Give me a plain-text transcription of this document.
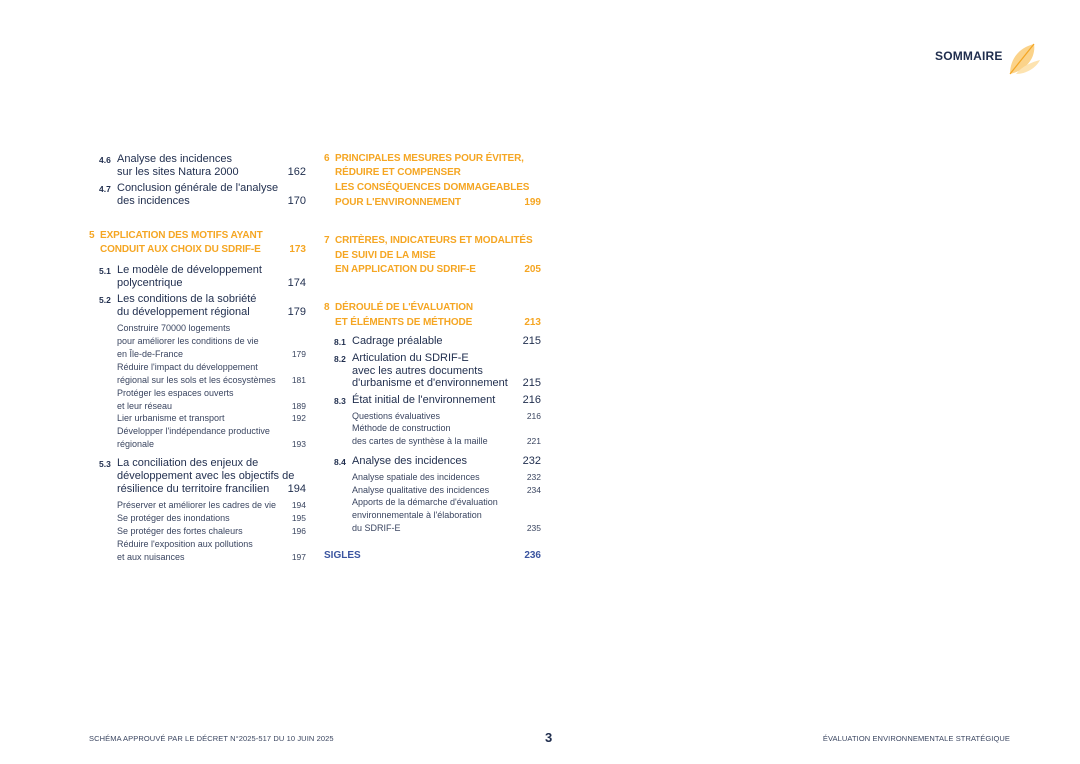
SOMMAIRE
4.6 Analyse des incidences
sur les sites Natura 2000	162
4.7 Conclusion générale de l'analyse
des incidences	170
5 EXPLICATION DES MOTIFS AYANT
CONDUIT AUX CHOIX DU SDRIF-E	173
5.1 Le modèle de développement
polycentrique	174
5.2 Les conditions de la sobriété
du développement régional	179
Construire 70000 logements
pour améliorer les conditions de vie
en Île-de-France	179
Réduire l'impact du développement
régional sur les sols et les écosystèmes 181
Protéger les espaces ouverts
et leur réseau	189
Lier urbanisme et transport	192
Développer l'indépendance productive
régionale	193
5.3 La conciliation des enjeux de
développement avec les objectifs de
résilience du territoire francilien 194
Préserver et améliorer les cadres de vie 194
Se protéger des inondations	195
Se protéger des fortes chaleurs	196
Réduire l'exposition aux pollutions
et aux nuisances	197
6 PRINCIPALES MESURES POUR ÉVITER,
RÉDUIRE ET COMPENSER
LES CONSÉQUENCES DOMMAGEABLES
POUR L'ENVIRONNEMENT	199
7 CRITÈRES, INDICATEURS ET MODALITÉS
DE SUIVI DE LA MISE
EN APPLICATION DU SDRIF-E	205
8 DÉROULÉ DE L'ÉVALUATION
ET ÉLÉMENTS DE MÉTHODE	213
8.1 Cadrage préalable	215
8.2 Articulation du SDRIF-E
avec les autres documents
d'urbanisme et d'environnement 215
8.3 État initial de l'environnement 216
Questions évaluatives	216
Méthode de construction
des cartes de synthèse à la maille	221
8.4 Analyse des incidences	232
Analyse spatiale des incidences	232
Analyse qualitative des incidences	234
Apports de la démarche d'évaluation
environnementale à l'élaboration
du SDRIF-E	235
SIGLES	236
SCHÉMA APPROUVÉ PAR LE DÉCRET N°2025-517 DU 10 JUIN 2025	3	ÉVALUATION ENVIRONNEMENTALE STRATÉGIQUE
